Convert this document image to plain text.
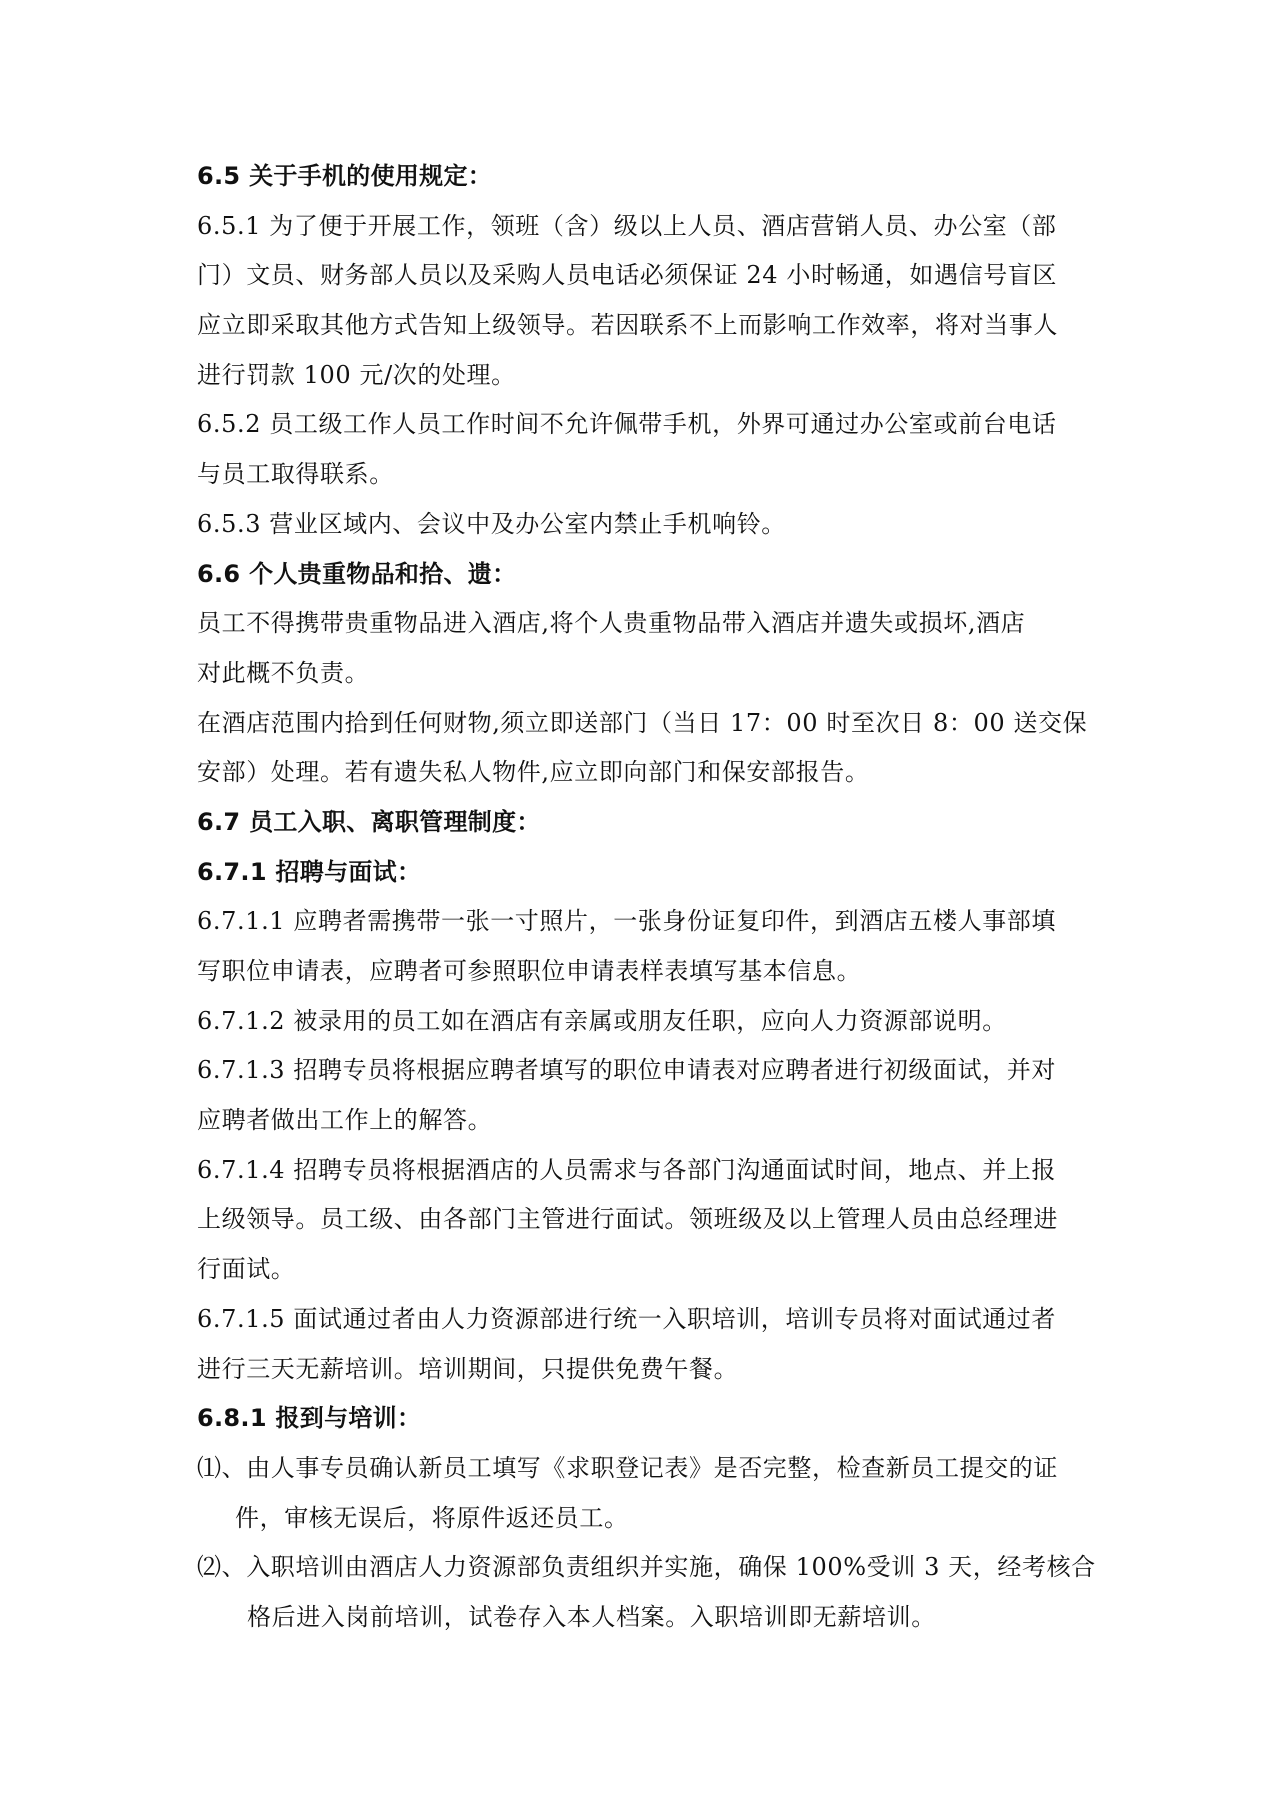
6.5 关于手机的使用规定：
6.5.1 为了便于开展工作，领班（含）级以上人员、酒店营销人员、办公室（部
门）文员、财务部人员以及采购人员电话必须保证 24 小时畅通，如遇信号盲区
应立即采取其他方式告知上级领导。若因联系不上而影响工作效率，将对当事人
进行罚款 100 元/次的处理。
6.5.2 员工级工作人员工作时间不允许佩带手机，外界可通过办公室或前台电话
与员工取得联系。
6.5.3 营业区域内、会议中及办公室内禁止手机响铃。
6.6 个人贵重物品和拾、遗：
员工不得携带贵重物品进入酒店,将个人贵重物品带入酒店并遗失或损坏,酒店
对此概不负责。
在酒店范围内拾到任何财物,须立即送部门（当日 17：00 时至次日 8：00 送交保
安部）处理。若有遗失私人物件,应立即向部门和保安部报告。
6.7 员工入职、离职管理制度：
6.7.1 招聘与面试：
6.7.1.1 应聘者需携带一张一寸照片，一张身份证复印件，到酒店五楼人事部填
写职位申请表，应聘者可参照职位申请表样表填写基本信息。
6.7.1.2 被录用的员工如在酒店有亲属或朋友任职，应向人力资源部说明。
6.7.1.3 招聘专员将根据应聘者填写的职位申请表对应聘者进行初级面试，并对
应聘者做出工作上的解答。
6.7.1.4 招聘专员将根据酒店的人员需求与各部门沟通面试时间，地点、并上报
上级领导。员工级、由各部门主管进行面试。领班级及以上管理人员由总经理进
行面试。
6.7.1.5 面试通过者由人力资源部进行统一入职培训，培训专员将对面试通过者
进行三天无薪培训。培训期间，只提供免费午餐。
6.8.1 报到与培训：
⑴、由人事专员确认新员工填写《求职登记表》是否完整，检查新员工提交的证
件，审核无误后，将原件返还员工。
⑵、入职培训由酒店人力资源部负责组织并实施，确保 100%受训 3 天，经考核合
格后进入岗前培训，试卷存入本人档案。入职培训即无薪培训。
